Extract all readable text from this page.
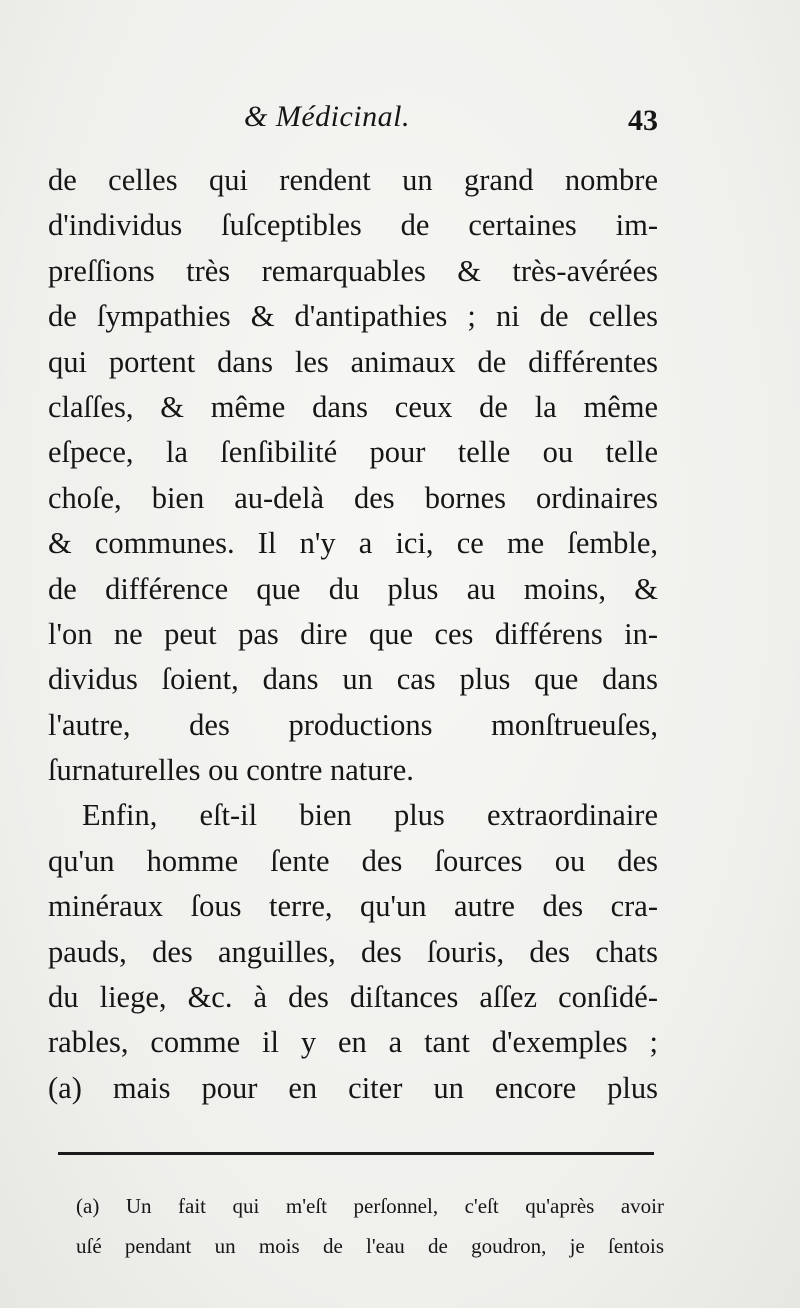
& Médicinal.	43
de celles qui rendent un grand nombre
d'individus ſuſceptibles de certaines im-
preſſions très remarquables & très-avérées
de ſympathies & d'antipathies ; ni de celles
qui portent dans les animaux de différentes
claſſes, & même dans ceux de la même
eſpece, la ſenſibilité pour telle ou telle
choſe, bien au-delà des bornes ordinaires
& communes. Il n'y a ici, ce me ſemble,
de différence que du plus au moins, &
l'on ne peut pas dire que ces différens in-
dividus ſoient, dans un cas plus que dans
l'autre, des productions monſtrueuſes,
ſurnaturelles ou contre nature.
Enfin, eſt-il bien plus extraordinaire
qu'un homme ſente des ſources ou des
minéraux ſous terre, qu'un autre des cra-
pauds, des anguilles, des ſouris, des chats
du liege, &c. à des diſtances aſſez conſidé-
rables, comme il y en a tant d'exemples ;
(a) mais pour en citer un encore plus
(a) Un fait qui m'eſt perſonnel, c'eſt qu'après avoir
uſé pendant un mois de l'eau de goudron, je ſentois
